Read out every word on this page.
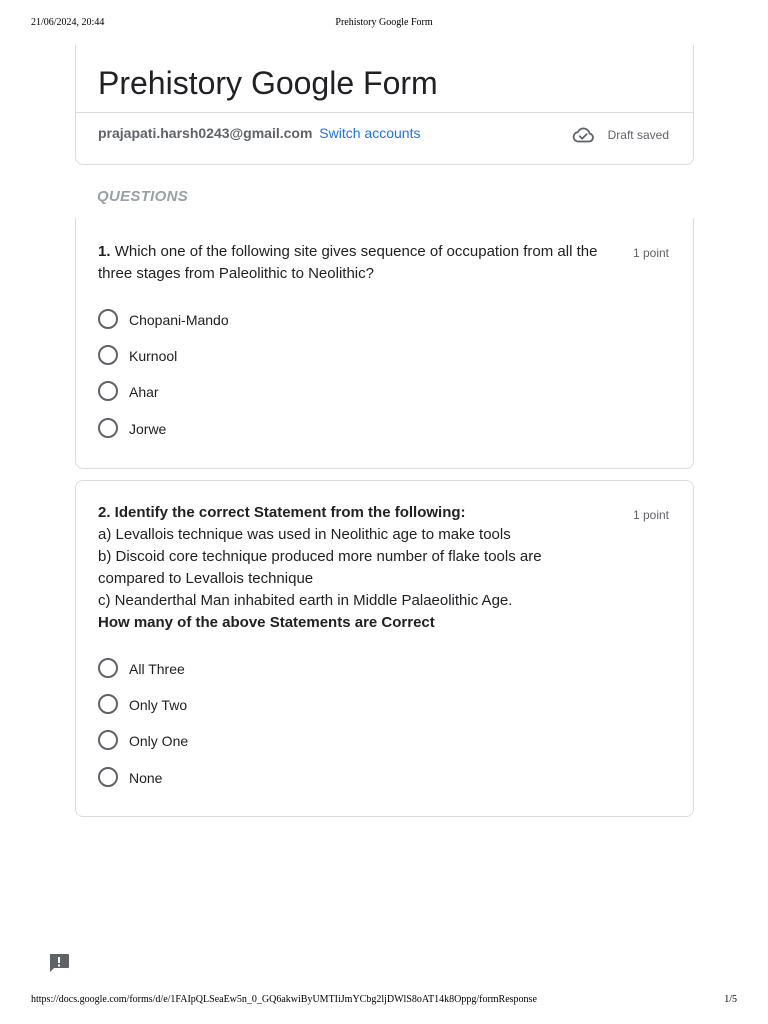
21/06/2024, 20:44	Prehistory Google Form
Prehistory Google Form
prajapati.harsh0243@gmail.com Switch accounts	Draft saved
QUESTIONS
1 point
1. Which one of the following site gives sequence of occupation from all the
three stages from Paleolithic to Neolithic?
Chopani-Mando
Kurnool
Ahar
Jorwe
1 point
2. Identify the correct Statement from the following:
a) Levallois technique was used in Neolithic age to make tools
b) Discoid core technique produced more number of flake tools are
compared to Levallois technique
c) Neanderthal Man inhabited earth in Middle Palaeolithic Age.
How many of the above Statements are Correct
All Three
Only Two
Only One
None
https://docs.google.com/forms/d/e/1FAIpQLSeaEw5n_0_GQ6akwiByUMTIiJmYCbg2ljDWlS8oAT14k8Oppg/formResponse	1/5
